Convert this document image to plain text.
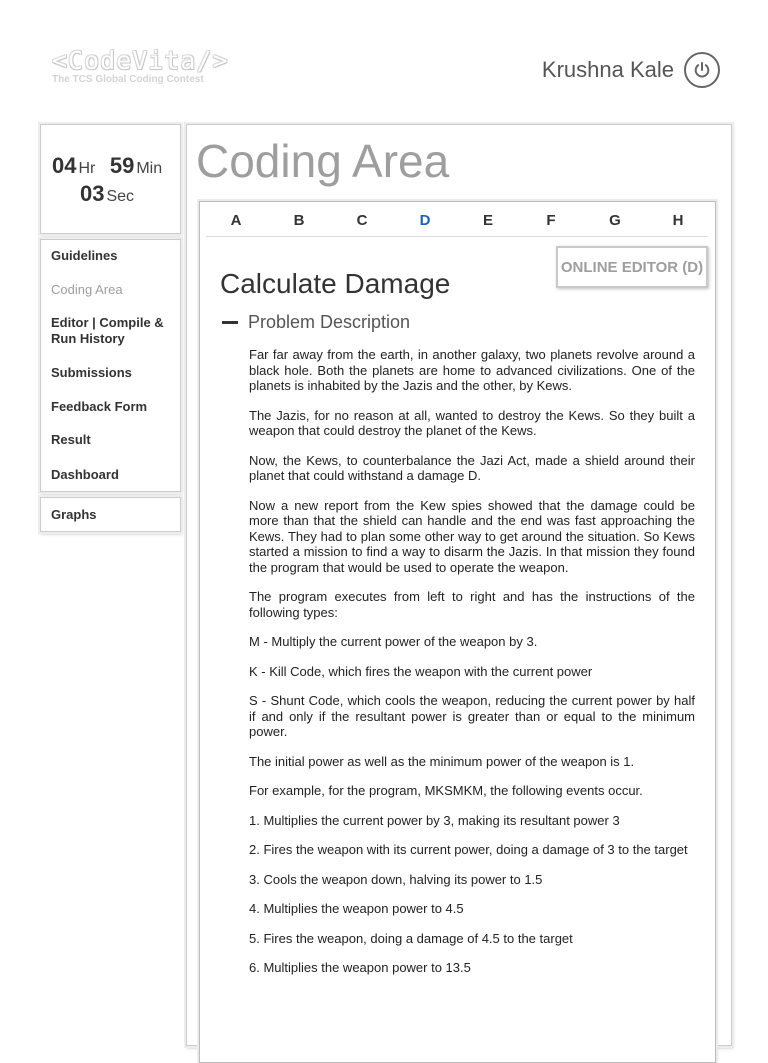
<CodeVita/>
The TCS Global Coding Contest	Krushna Kale
04 Hr 59 Min
03 Sec
Guidelines
Coding Area
Editor | Compile & Run History
Submissions
Feedback Form
Result
Dashboard
Graphs
Coding Area
A	B	C	D	E	F	G	H
ONLINE EDITOR (D)
Calculate Damage
Problem Description

Far far away from the earth, in another galaxy, two planets revolve around a black hole. Both the planets are home to advanced civilizations. One of the planets is inhabited by the Jazis and the other, by Kews.

The Jazis, for no reason at all, wanted to destroy the Kews. So they built a weapon that could destroy the planet of the Kews.

Now, the Kews, to counterbalance the Jazi Act, made a shield around their planet that could withstand a damage D.

Now a new report from the Kew spies showed that the damage could be more than that the shield can handle and the end was fast approaching the Kews. They had to plan some other way to get around the situation. So Kews started a mission to find a way to disarm the Jazis. In that mission they found the program that would be used to operate the weapon.

The program executes from left to right and has the instructions of the following types:

M - Multiply the current power of the weapon by 3.

K - Kill Code, which fires the weapon with the current power

S - Shunt Code, which cools the weapon, reducing the current power by half if and only if the resultant power is greater than or equal to the minimum power.

The initial power as well as the minimum power of the weapon is 1.

For example, for the program, MKSMKM, the following events occur.

1. Multiplies the current power by 3, making its resultant power 3

2. Fires the weapon with its current power, doing a damage of 3 to the target

3. Cools the weapon down, halving its power to 1.5

4. Multiplies the weapon power to 4.5

5. Fires the weapon, doing a damage of 4.5 to the target

6. Multiplies the weapon power to 13.5
